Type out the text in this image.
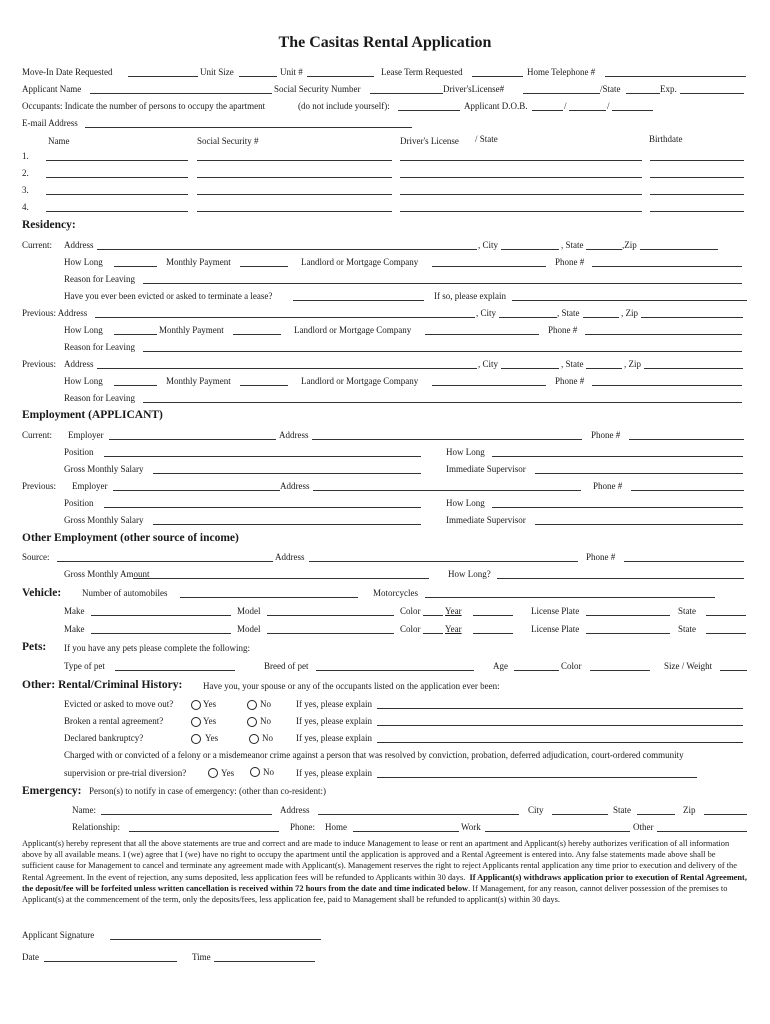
The Casitas Rental Application
Move-In Date Requested	Unit Size	Unit #	Lease Term Requested	Home Telephone #
Applicant Name	Social Security Number	Driver'sLicense#	/State	Exp.
Occupants: Indicate the number of persons to occupy the apartment	(do not include yourself):	Applicant D.O.B.	/	/
E-mail Address
Name	Social Security #	Driver's License / State	Birthdate
1.
2.
3.
4.
Residency:
Current: Address	, City	, State	,Zip
How Long	Monthly Payment	Landlord or Mortgage Company	Phone #
Reason for Leaving
Have you ever been evicted or asked to terminate a lease?	If so, please explain
Previous: Address	, City	, State	, Zip
How Long	Monthly Payment	Landlord or Mortgage Company	Phone #
Reason for Leaving
Previous: Address	, City	, State	, Zip
How Long	Monthly Payment	Landlord or Mortgage Company	Phone #
Reason for Leaving
Employment (APPLICANT)
Current: Employer	Address	Phone #
Position	How Long
Gross Monthly Salary	Immediate Supervisor
Previous: Employer	Address	Phone #
Position	How Long
Gross Monthly Salary	Immediate Supervisor
Other Employment (other source of income)
Source:	Address	Phone #
Gross Monthly Amount	How Long?
Vehicle: Number of automobiles	Motorcycles
Make	Model	Color	Year	License Plate	State
Make	Model	Color	Year	License Plate	State
Pets: If you have any pets please complete the following:
Type of pet	Breed of pet	Age	Color	Size / Weight
Other: Rental/Criminal History: Have you, your spouse or any of the occupants listed on the application ever been:
Evicted or asked to move out?	Yes	No	If yes, please explain
Broken a rental agreement?	Yes	No	If yes, please explain
Declared bankruptcy?	Yes	No	If yes, please explain
Charged with or convicted of a felony or a misdemeanor crime against a person that was resolved by conviction, probation, deferred adjudication, court-ordered community
supervision or pre-trial diversion?	Yes	No If yes, please explain
Emergency: Person(s) to notify in case of emergency: (other than co-resident:)
Name:	Address	City	State	Zip
Relationship:	Phone: Home	Work	Other
Applicant(s) hereby represent that all the above statements are true and correct and are made to induce Management to lease or rent an apartment and Applicant(s) hereby authorizes verification of all information above by all available means. I (we) agree that I (we) have no right to occupy the apartment until the application is approved and a Rental Agreement is entered into. Any false statements made above shall be sufficient cause for Management to cancel and terminate any agreement made with Applicant(s). Management reserves the right to reject Applicants rental application any time prior to execution and delivery of the Rental Agreement. In the event of rejection, any sums deposited, less application fees will be refunded to Applicants within 30 days. If Applicant(s) withdraws application prior to execution of Rental Agreement, the deposit/fee will be forfeited unless written cancellation is received within 72 hours from the date and time indicated below. If Management, for any reason, cannot deliver possession of the premises to Applicant(s) at the commencement of the term, only the deposits/fees, less application fee, paid to Management shall be refunded to applicant(s) within 30 days.
Applicant Signature
Date	Time
